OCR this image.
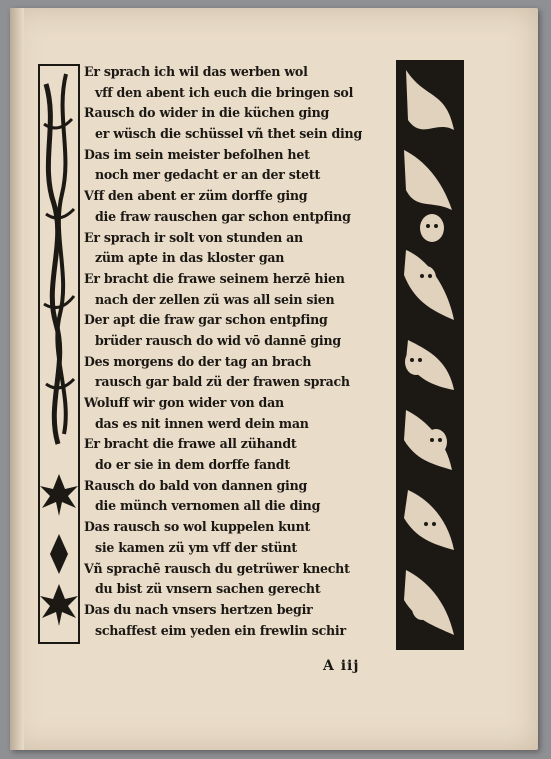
Er sprach ich wil das werben wol
vff den abent ich euch die bringen sol
Rausch do wider in die küchen ging
er wüsch die schüssel vñ thet sein ding
Das im sein meister befolhen het
noch mer gedacht er an der stett
Vff den abent er züm dorffe ging
die fraw rauschen gar schon entpfing
Er sprach ir solt von stunden an
züm apte in das kloster gan
Er bracht die frawe seinem herzē hien
nach der zellen zü was all sein sien
Der apt die fraw gar schon entpfing
brüder rausch do wid vō dannē ging
Des morgens do der tag an brach
rausch gar bald zü der frawen sprach
Woluff wir gon wider von dan
das es nit innen werd dein man
Er bracht die frawe all zühandt
do er sie in dem dorffe fandt
Rausch do bald von dannen ging
die münch vernomen all die ding
Das rausch so wol kuppelen kunt
sie kamen zü ym vff der stünt
Vñ sprachē rausch du getrüwer knecht
du bist zü vnsern sachen gerecht
Das du nach vnsers hertzen begir
schaffest eim yeden ein frewlin schir
A iij
